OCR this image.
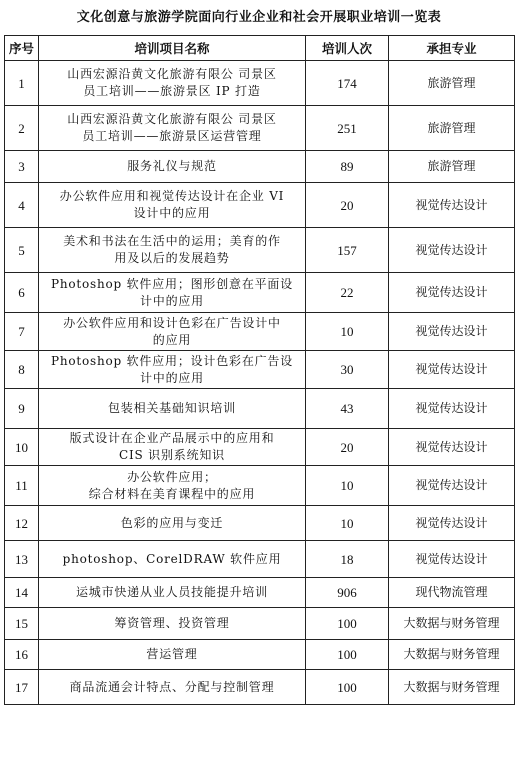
文化创意与旅游学院面向行业企业和社会开展职业培训一览表
序号	培训项目名称	培训人次	承担专业
1	山西宏源沿黄文化旅游有限公 司景区
员工培训——旅游景区 IP 打造	174	旅游管理
2	山西宏源沿黄文化旅游有限公 司景区
员工培训——旅游景区运营管理	251	旅游管理
3	服务礼仪与规范	89	旅游管理
4	办公软件应用和视觉传达设计在企业 VI
设计中的应用	20	视觉传达设计
5	美术和书法在生活中的运用；美育的作
用及以后的发展趋势	157	视觉传达设计
6	Photoshop 软件应用；图形创意在平面设
计中的应用	22	视觉传达设计
7	办公软件应用和设计色彩在广告设计中
的应用	10	视觉传达设计
8	Photoshop 软件应用；设计色彩在广告设
计中的应用	30	视觉传达设计
9	包装相关基础知识培训	43	视觉传达设计
10	版式设计在企业产品展示中的应用和
CIS 识别系统知识	20	视觉传达设计
11	办公软件应用；
综合材料在美育课程中的应用	10	视觉传达设计
12	色彩的应用与变迁	10	视觉传达设计
13	photoshop、CorelDRAW 软件应用	18	视觉传达设计
14	运城市快递从业人员技能提升培训	906	现代物流管理
15	筹资管理、投资管理	100	大数据与财务管理
16	营运管理	100	大数据与财务管理
17	商品流通会计特点、分配与控制管理	100	大数据与财务管理
